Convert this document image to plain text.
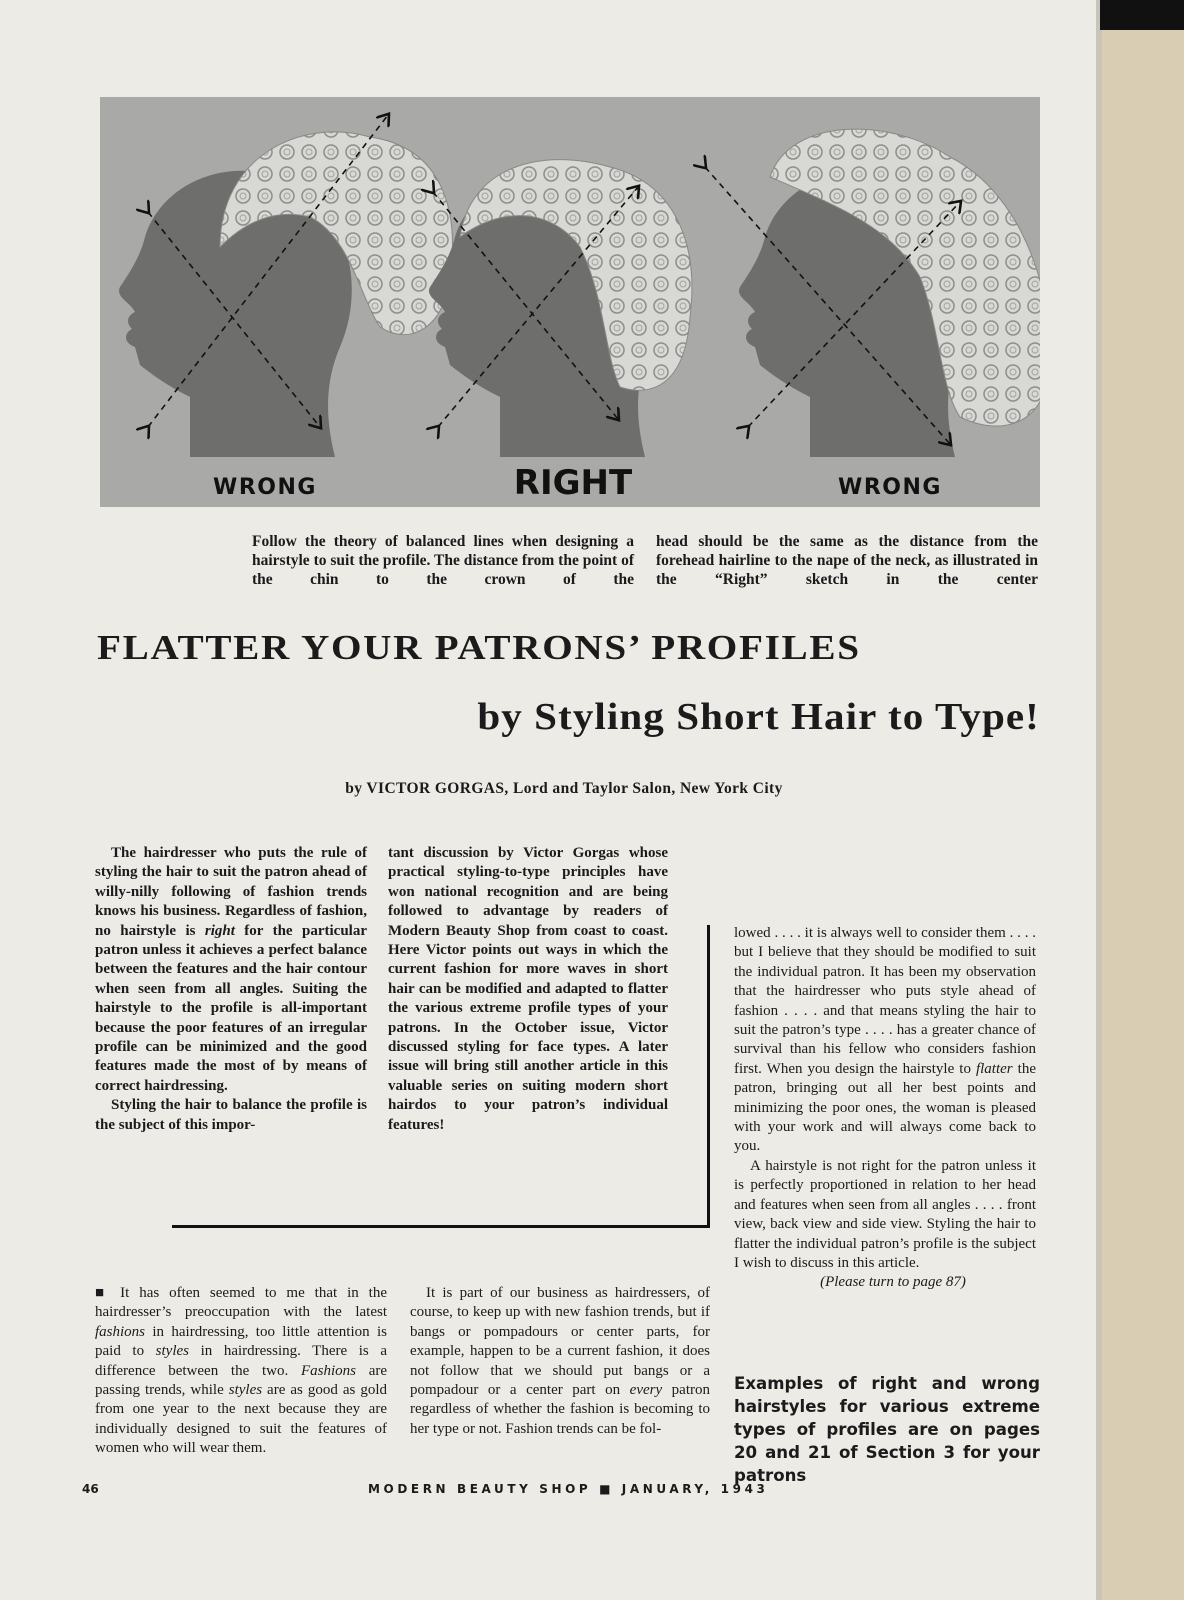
WRONG	RIGHT	WRONG
Follow the theory of balanced lines when designing a hairstyle to suit the profile. The distance from the point of the chin to the crown of the
head should be the same as the distance from the forehead hairline to the nape of the neck, as illustrated in the “Right” sketch in the center
FLATTER YOUR PATRONS’ PROFILES
by Styling Short Hair to Type!
by VICTOR GORGAS, Lord and Taylor Salon, New York City

The hairdresser who puts the rule of styling the hair to suit the patron ahead of willy-nilly following of fashion trends knows his business. Regardless of fashion, no hairstyle is right for the particular patron unless it achieves a perfect balance between the features and the hair contour when seen from all angles. Suiting the hairstyle to the profile is all-important because the poor features of an irregular profile can be minimized and the good features made the most of by means of correct hairdressing.

Styling the hair to balance the profile is the subject of this impor-

tant discussion by Victor Gorgas whose practical styling-to-type principles have won national recognition and are being followed to advantage by readers of Modern Beauty Shop from coast to coast. Here Victor points out ways in which the current fashion for more waves in short hair can be modified and adapted to flatter the various extreme profile types of your patrons. In the October issue, Victor discussed styling for face types. A later issue will bring still another article in this valuable series on suiting modern short hairdos to your patron’s individual features!

lowed . . . . it is always well to consider them . . . . but I believe that they should be modified to suit the individual patron. It has been my observation that the hairdresser who puts style ahead of fashion . . . . and that means styling the hair to suit the patron’s type . . . . has a greater chance of survival than his fellow who considers fashion first. When you design the hairstyle to flatter the patron, bringing out all her best points and minimizing the poor ones, the woman is pleased with your work and will always come back to you.

A hairstyle is not right for the patron unless it is perfectly proportioned in relation to her head and features when seen from all angles . . . . front view, back view and side view. Styling the hair to flatter the individual patron’s profile is the subject I wish to discuss in this article.

(Please turn to page 87)

■ It has often seemed to me that in the hairdresser’s preoccupation with the latest fashions in hairdressing, too little attention is paid to styles in hairdressing. There is a difference between the two. Fashions are passing trends, while styles are as good as gold from one year to the next because they are individually designed to suit the features of women who will wear them.

It is part of our business as hairdressers, of course, to keep up with new fashion trends, but if bangs or pompadours or center parts, for example, happen to be a current fashion, it does not follow that we should put bangs or a pompadour or a center part on every patron regardless of whether the fashion is becoming to her type or not. Fashion trends can be fol-

Examples of right and wrong hairstyles for various extreme types of profiles are on pages 20 and 21 of Section 3 for your patrons
46	MODERN BEAUTY SHOP ■ JANUARY, 1943
